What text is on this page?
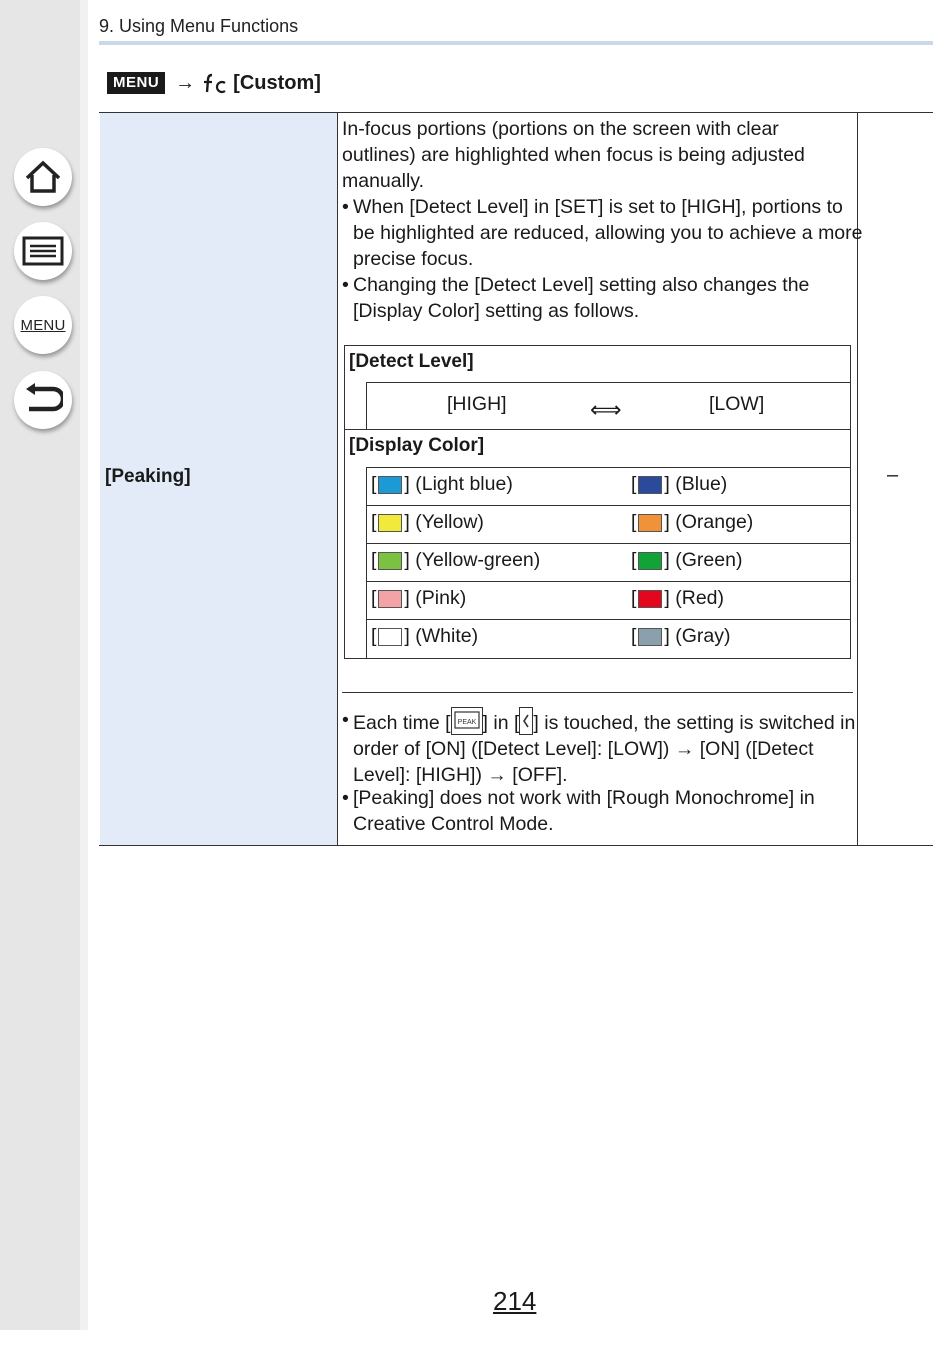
MENU
9. Using Menu Functions
MENU → [Custom]
[Peaking]	–
In-focus portions (portions on the screen with clear outlines) are highlighted when focus is being adjusted manually.
• When [Detect Level] in [SET] is set to [HIGH], portions to be highlighted are reduced, allowing you to achieve a more precise focus.
• Changing the [Detect Level] setting also changes the [Display Color] setting as follows.
[Detect Level]
[HIGH]	⟺	[LOW]
[Display Color]
[ ] (Light blue)	[ ] (Blue)
[ ] (Yellow)	[ ] (Orange)
[ ] (Yellow-green)	[ ] (Green)
[ ] (Pink)	[ ] (Red)
[ ] (White)	[ ] (Gray)
• Each time [ PEAK ] in [ ] is touched, the setting is switched in order of [ON] ([Detect Level]: [LOW]) → [ON] ([Detect Level]: [HIGH]) → [OFF].
• [Peaking] does not work with [Rough Monochrome] in Creative Control Mode.
214
